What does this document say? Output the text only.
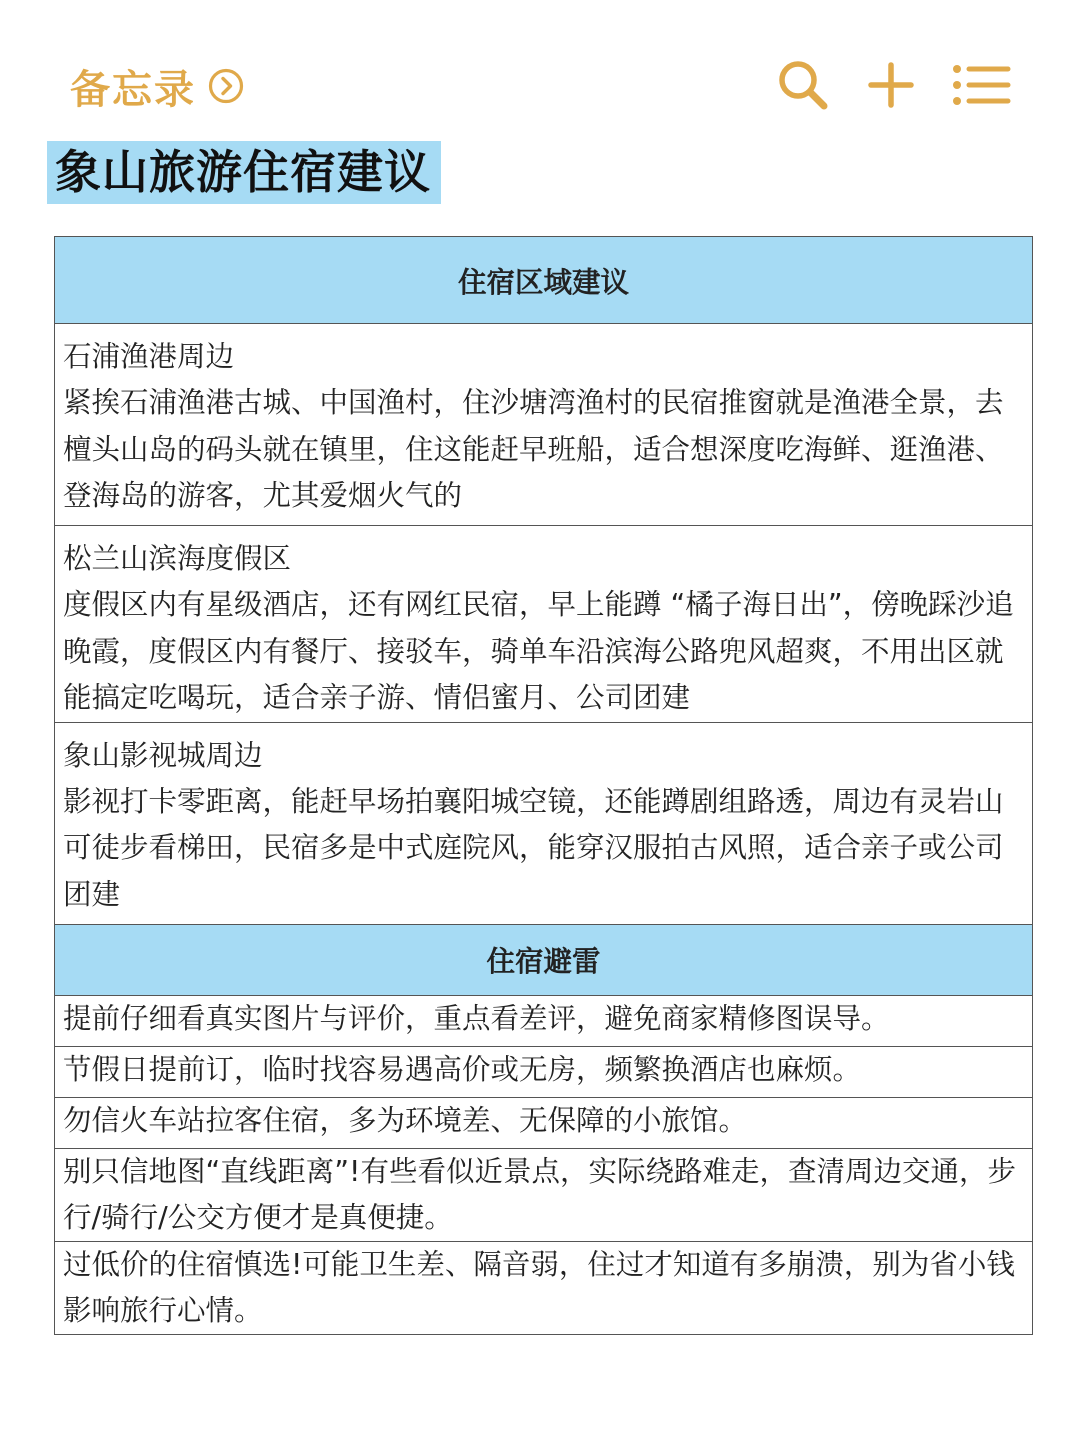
备忘录
象山旅游住宿建议
住宿区域建议

石浦渔港周边
紧挨石浦渔港古城、中国渔村，住沙塘湾渔村的民宿推窗就是渔港全景，去檀头山岛的码头就在镇里，住这能赶早班船，适合想深度吃海鲜、逛渔港、登海岛的游客，尤其爱烟火气的

松兰山滨海度假区
度假区内有星级酒店，还有网红民宿，早上能蹲 “橘子海日出”，傍晚踩沙追晚霞，度假区内有餐厅、接驳车，骑单车沿滨海公路兜风超爽，不用出区就能搞定吃喝玩，适合亲子游、情侣蜜月、公司团建

象山影视城周边
影视打卡零距离，能赶早场拍襄阳城空镜，还能蹲剧组路透，周边有灵岩山可徒步看梯田，民宿多是中式庭院风，能穿汉服拍古风照，适合亲子或公司团建

住宿避雷
提前仔细看真实图片与评价，重点看差评，避免商家精修图误导。
节假日提前订，临时找容易遇高价或无房，频繁换酒店也麻烦。
勿信火车站拉客住宿，多为环境差、无保障的小旅馆。
别只信地图“直线距离”!有些看似近景点，实际绕路难走，查清周边交通，步行/骑行/公交方便才是真便捷。
过低价的住宿慎选!可能卫生差、隔音弱，住过才知道有多崩溃，别为省小钱影响旅行心情。
